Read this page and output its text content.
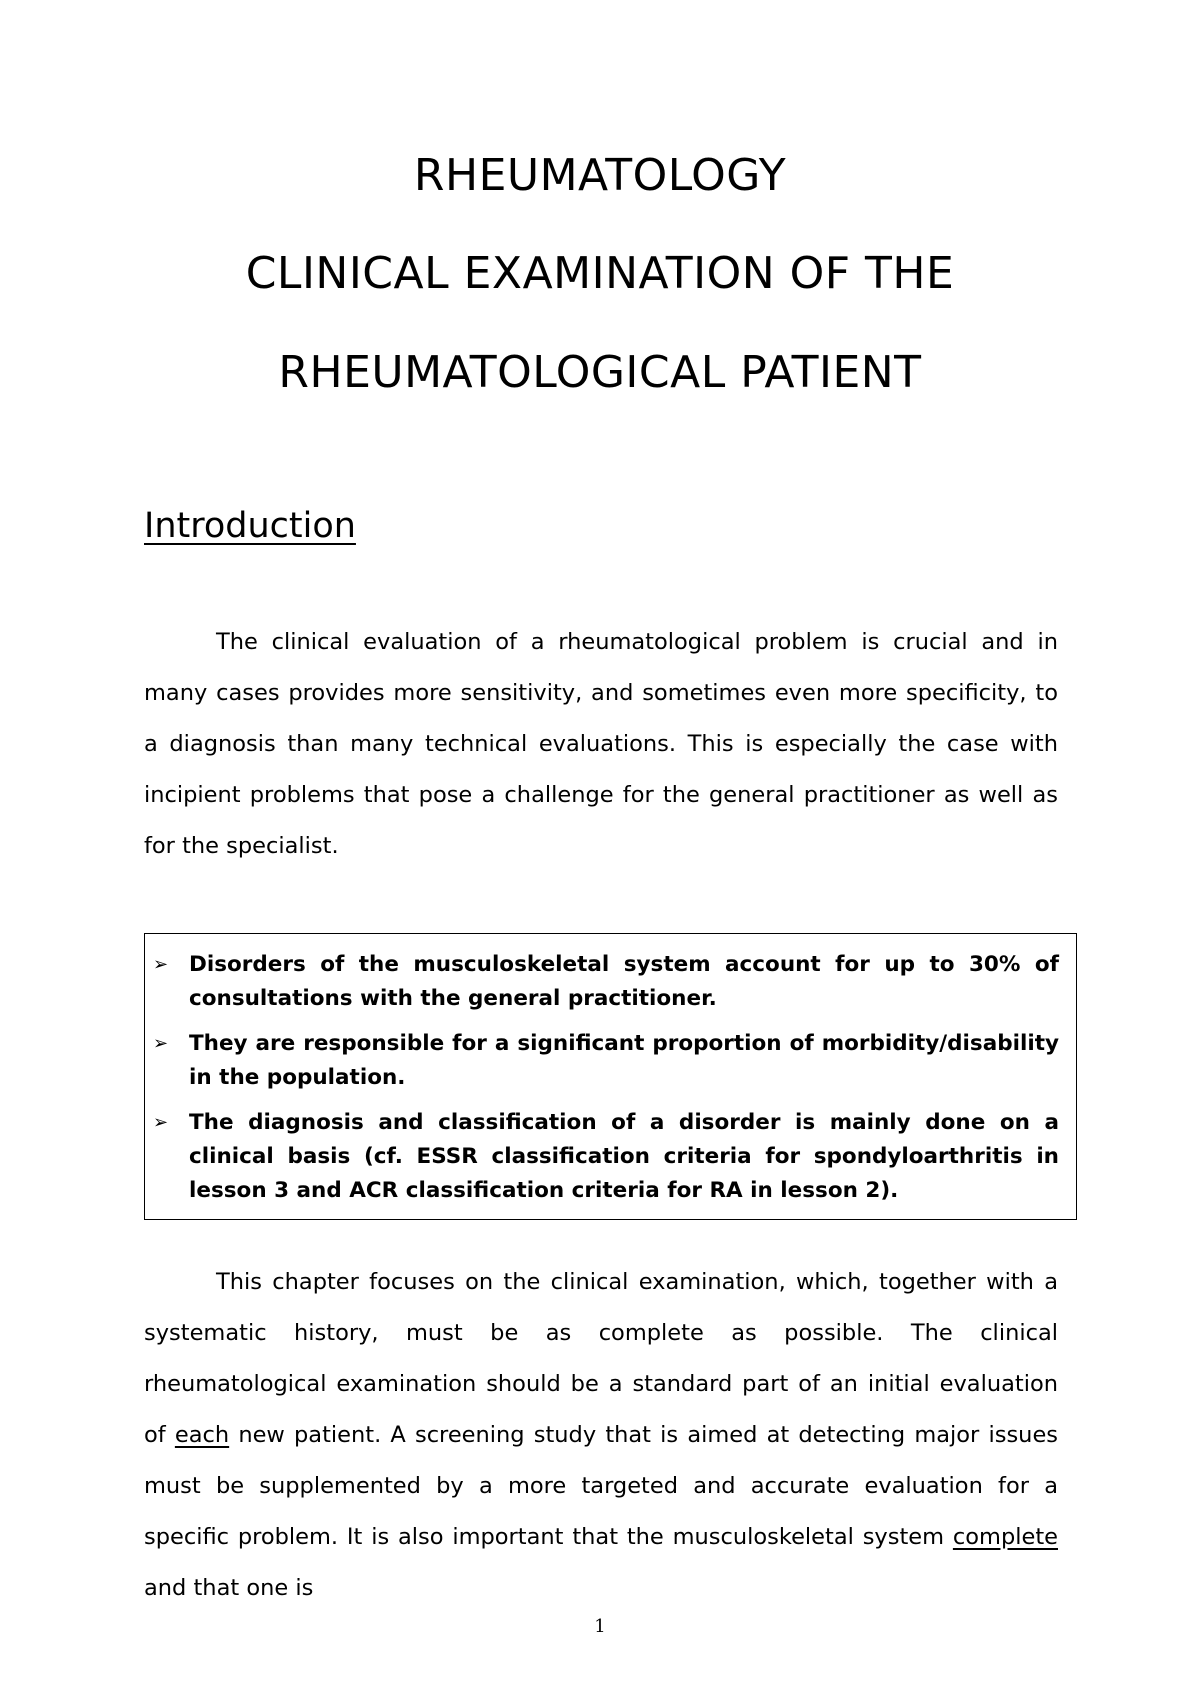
RHEUMATOLOGY
CLINICAL EXAMINATION OF THE
RHEUMATOLOGICAL PATIENT
Introduction

The clinical evaluation of a rheumatological problem is crucial and in many cases provides more sensitivity, and sometimes even more specificity, to a diagnosis than many technical evaluations. This is especially the case with incipient problems that pose a challenge for the general practitioner as well as for the specialist.

➢ Disorders of the musculoskeletal system account for up to 30% of consultations with the general practitioner.
➢ They are responsible for a significant proportion of morbidity/disability in the population.
➢ The diagnosis and classification of a disorder is mainly done on a clinical basis (cf. ESSR classification criteria for spondyloarthritis in lesson 3 and ACR classification criteria for RA in lesson 2).

This chapter focuses on the clinical examination, which, together with a systematic history, must be as complete as possible. The clinical rheumatological examination should be a standard part of an initial evaluation of each new patient. A screening study that is aimed at detecting major issues must be supplemented by a more targeted and accurate evaluation for a specific problem. It is also important that the musculoskeletal system complete and that one is

1
